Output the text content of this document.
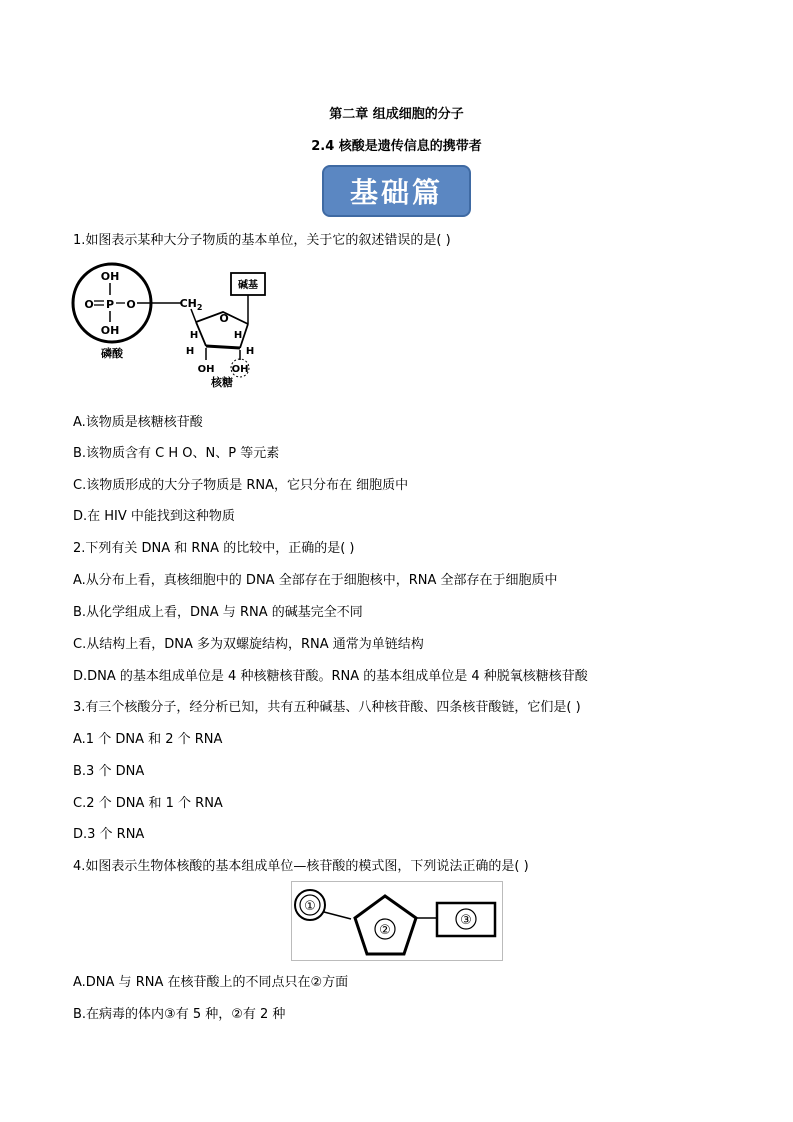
第二章 组成细胞的分子
2.4 核酸是遗传信息的携带者
基础篇
1.如图表示某种大分子物质的基本单位，关于它的叙述错误的是( )
OH
O P O
OH
磷酸
$CH_2$
O
H
H
H
H
OH OH
核糖
碱基
A.该物质是核糖核苷酸
B.该物质含有 C H O、N、P 等元素
C.该物质形成的大分子物质是 RNA，它只分布在 细胞质中
D.在 HIV 中能找到这种物质
2.下列有关 DNA 和 RNA 的比较中，正确的是( )
A.从分布上看，真核细胞中的 DNA 全部存在于细胞核中，RNA 全部存在于细胞质中
B.从化学组成上看，DNA 与 RNA 的碱基完全不同
C.从结构上看，DNA 多为双螺旋结构，RNA 通常为单链结构
D.DNA 的基本组成单位是 4 种核糖核苷酸。RNA 的基本组成单位是 4 种脱氧核糖核苷酸
3.有三个核酸分子，经分析已知，共有五种碱基、八种核苷酸、四条核苷酸链，它们是( )
A.1 个 DNA 和 2 个 RNA
B.3 个 DNA
C.2 个 DNA 和 1 个 RNA
D.3 个 RNA
4.如图表示生物体核酸的基本组成单位—核苷酸的模式图，下列说法正确的是( )
①
②
③
A.DNA 与 RNA 在核苷酸上的不同点只在②方面
B.在病毒的体内③有 5 种，②有 2 种
